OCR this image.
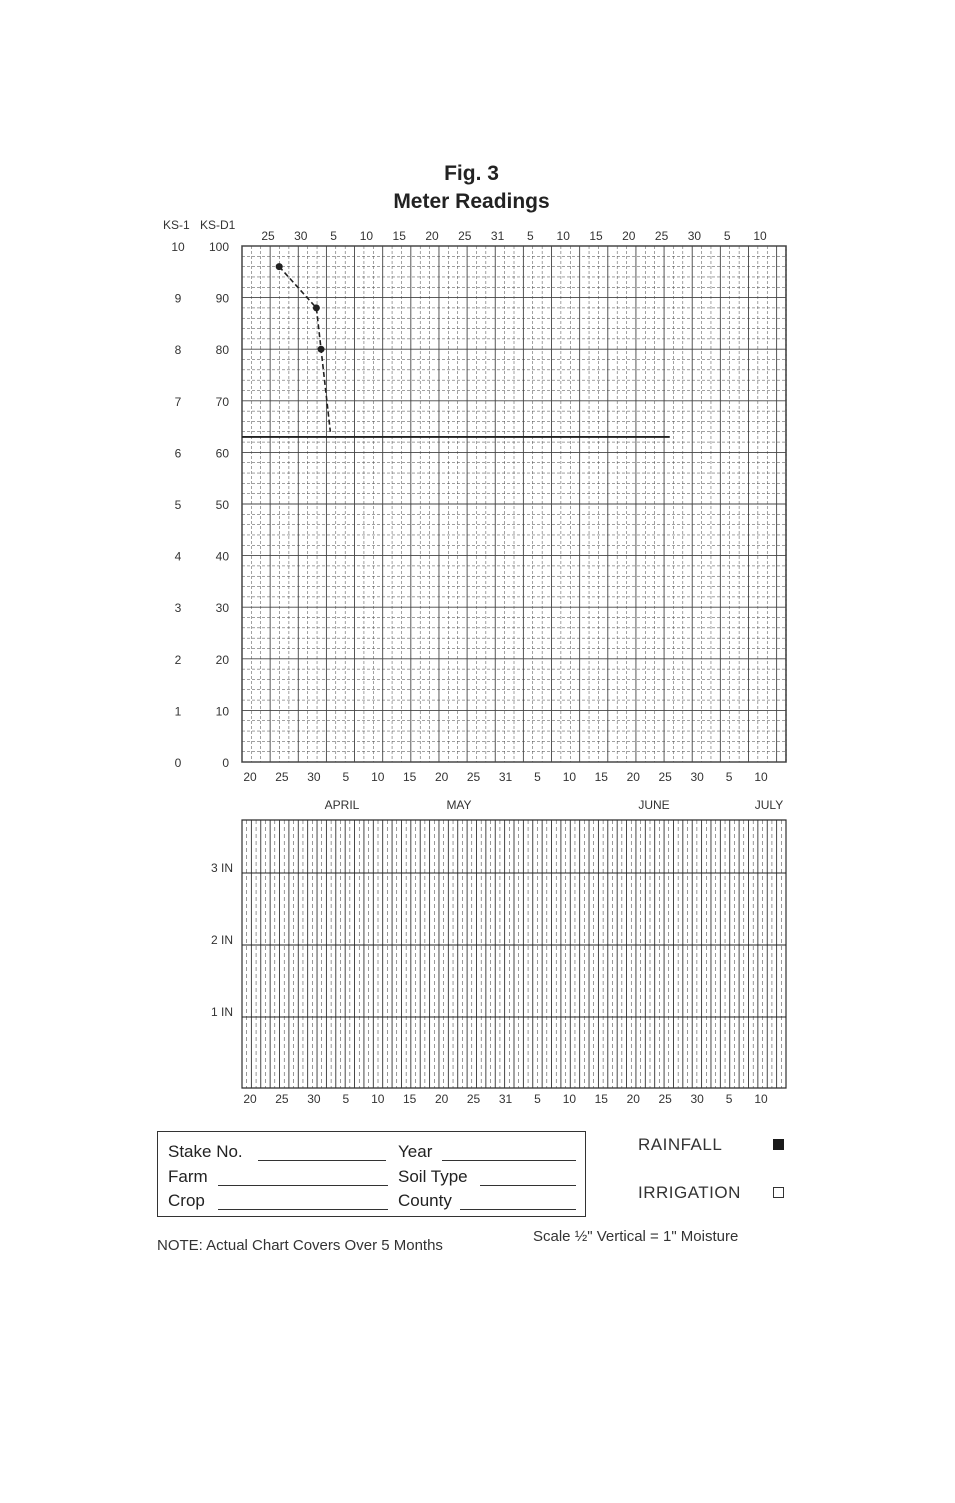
Fig. 3
Meter Readings
KS-1 KS-D1
10
9
8
7
6
5
4
3
2
1
0
100
90
80
70
60
50
40
30
20
10
0
25 30 5 10 15 20 25 31 5 10 15 20 25 30 5 10
20 25 30 5 10 15 20 25 31 5 10 15 20 25 30 5 10
APRIL	MAY	JUNE	JULY
3 IN
2 IN
1 IN
20 25 30 5 10 15 20 25 31 5 10 15 20 25 30 5 10
Stake No.	Year
Farm	Soil Type
Crop	County
RAINFALL
IRRIGATION
Scale ½" Vertical = 1" Moisture
NOTE: Actual Chart Covers Over 5 Months
